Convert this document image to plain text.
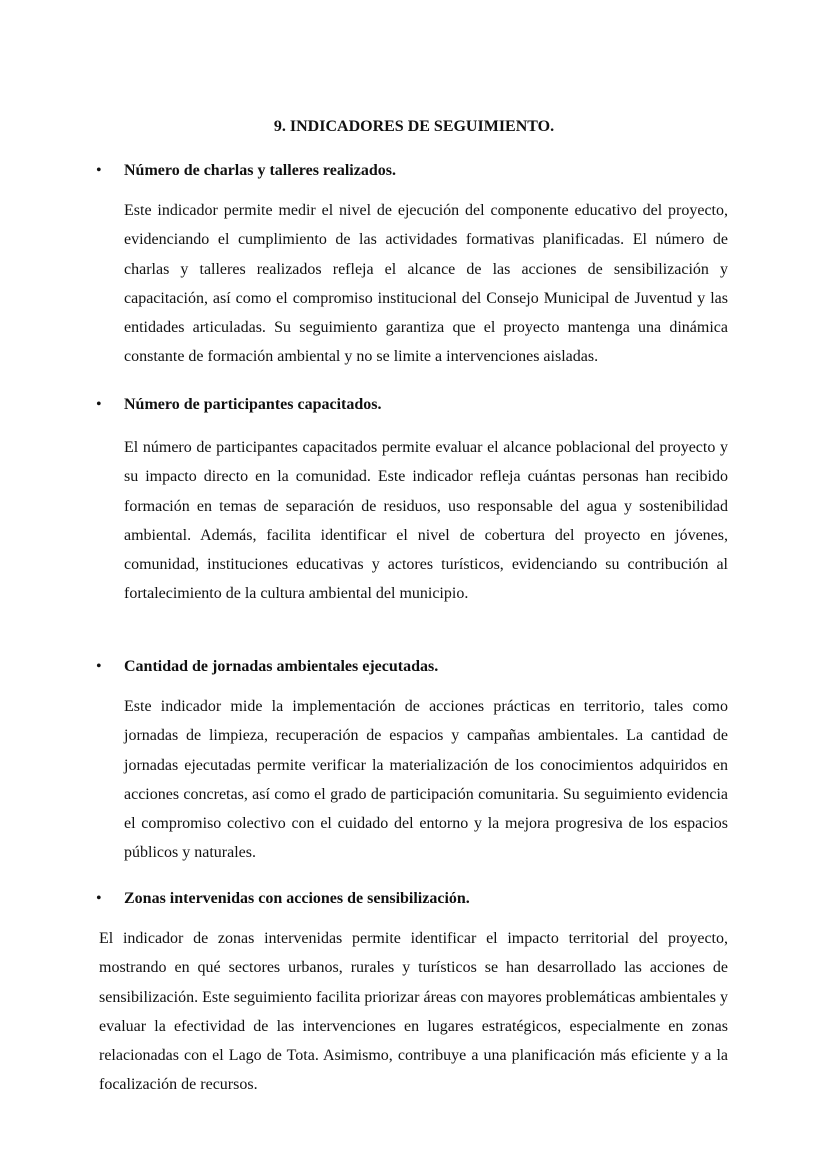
9. INDICADORES DE SEGUIMIENTO.
•	Número de charlas y talleres realizados.

Este indicador permite medir el nivel de ejecución del componente educativo del proyecto, evidenciando el cumplimiento de las actividades formativas planificadas. El número de charlas y talleres realizados refleja el alcance de las acciones de sensibilización y capacitación, así como el compromiso institucional del Consejo Municipal de Juventud y las entidades articuladas. Su seguimiento garantiza que el proyecto mantenga una dinámica constante de formación ambiental y no se limite a intervenciones aisladas.

•	Número de participantes capacitados.

El número de participantes capacitados permite evaluar el alcance poblacional del proyecto y su impacto directo en la comunidad. Este indicador refleja cuántas personas han recibido formación en temas de separación de residuos, uso responsable del agua y sostenibilidad ambiental. Además, facilita identificar el nivel de cobertura del proyecto en jóvenes, comunidad, instituciones educativas y actores turísticos, evidenciando su contribución al fortalecimiento de la cultura ambiental del municipio.

•	Cantidad de jornadas ambientales ejecutadas.

Este indicador mide la implementación de acciones prácticas en territorio, tales como jornadas de limpieza, recuperación de espacios y campañas ambientales. La cantidad de jornadas ejecutadas permite verificar la materialización de los conocimientos adquiridos en acciones concretas, así como el grado de participación comunitaria. Su seguimiento evidencia el compromiso colectivo con el cuidado del entorno y la mejora progresiva de los espacios públicos y naturales.

•	Zonas intervenidas con acciones de sensibilización.

El indicador de zonas intervenidas permite identificar el impacto territorial del proyecto, mostrando en qué sectores urbanos, rurales y turísticos se han desarrollado las acciones de sensibilización. Este seguimiento facilita priorizar áreas con mayores problemáticas ambientales y evaluar la efectividad de las intervenciones en lugares estratégicos, especialmente en zonas relacionadas con el Lago de Tota. Asimismo, contribuye a una planificación más eficiente y a la focalización de recursos.
